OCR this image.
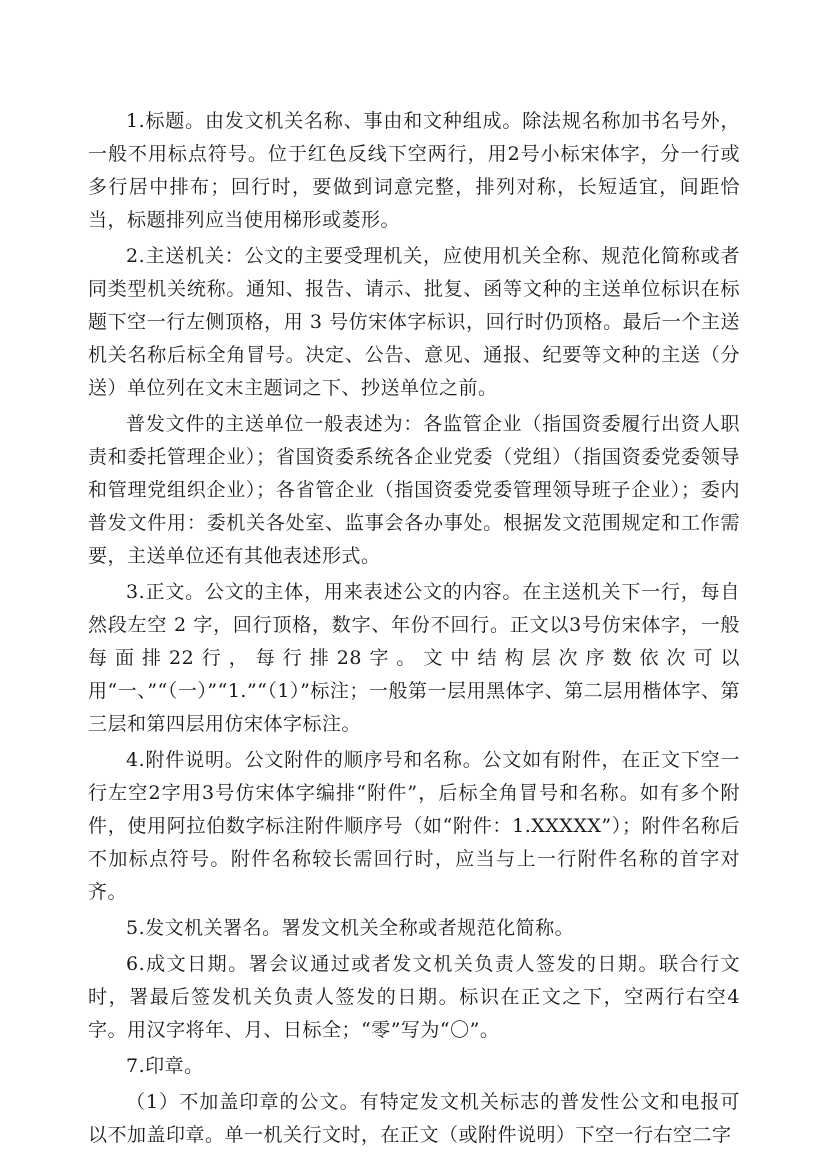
1.标题。由发文机关名称、事由和文种组成。除法规名称加书名号外，一般不用标点符号。位于红色反线下空两行，用2号小标宋体字，分一行或多行居中排布；回行时，要做到词意完整，排列对称，长短适宜，间距恰当，标题排列应当使用梯形或菱形。

2.主送机关：公文的主要受理机关，应使用机关全称、规范化简称或者同类型机关统称。通知、报告、请示、批复、函等文种的主送单位标识在标题下空一行左侧顶格，用 3 号仿宋体字标识，回行时仍顶格。最后一个主送机关名称后标全角冒号。决定、公告、意见、通报、纪要等文种的主送（分送）单位列在文末主题词之下、抄送单位之前。

普发文件的主送单位一般表述为：各监管企业（指国资委履行出资人职责和委托管理企业）；省国资委系统各企业党委（党组）（指国资委党委领导和管理党组织企业）；各省管企业（指国资委党委管理领导班子企业）；委内普发文件用：委机关各处室、监事会各办事处。根据发文范围规定和工作需要，主送单位还有其他表述形式。

3.正文。公文的主体，用来表述公文的内容。在主送机关下一行，每自然段左空 2 字，回行顶格，数字、年份不回行。正文以3号仿宋体字，一般每面排22行，每行排28字。文中结构层次序数依次可以用“一、”“（一）”“1.”“（1）”标注；一般第一层用黑体字、第二层用楷体字、第三层和第四层用仿宋体字标注。

4.附件说明。公文附件的顺序号和名称。公文如有附件，在正文下空一行左空2字用3号仿宋体字编排“附件”，后标全角冒号和名称。如有多个附件，使用阿拉伯数字标注附件顺序号（如“附件：1.XXXXX”）；附件名称后不加标点符号。附件名称较长需回行时，应当与上一行附件名称的首字对齐。

5.发文机关署名。署发文机关全称或者规范化简称。

6.成文日期。署会议通过或者发文机关负责人签发的日期。联合行文时，署最后签发机关负责人签发的日期。标识在正文之下，空两行右空4字。用汉字将年、月、日标全；“零”写为“〇”。

7.印章。

（1）不加盖印章的公文。有特定发文机关标志的普发性公文和电报可以不加盖印章。单一机关行文时，在正文（或附件说明）下空一行右空二字
